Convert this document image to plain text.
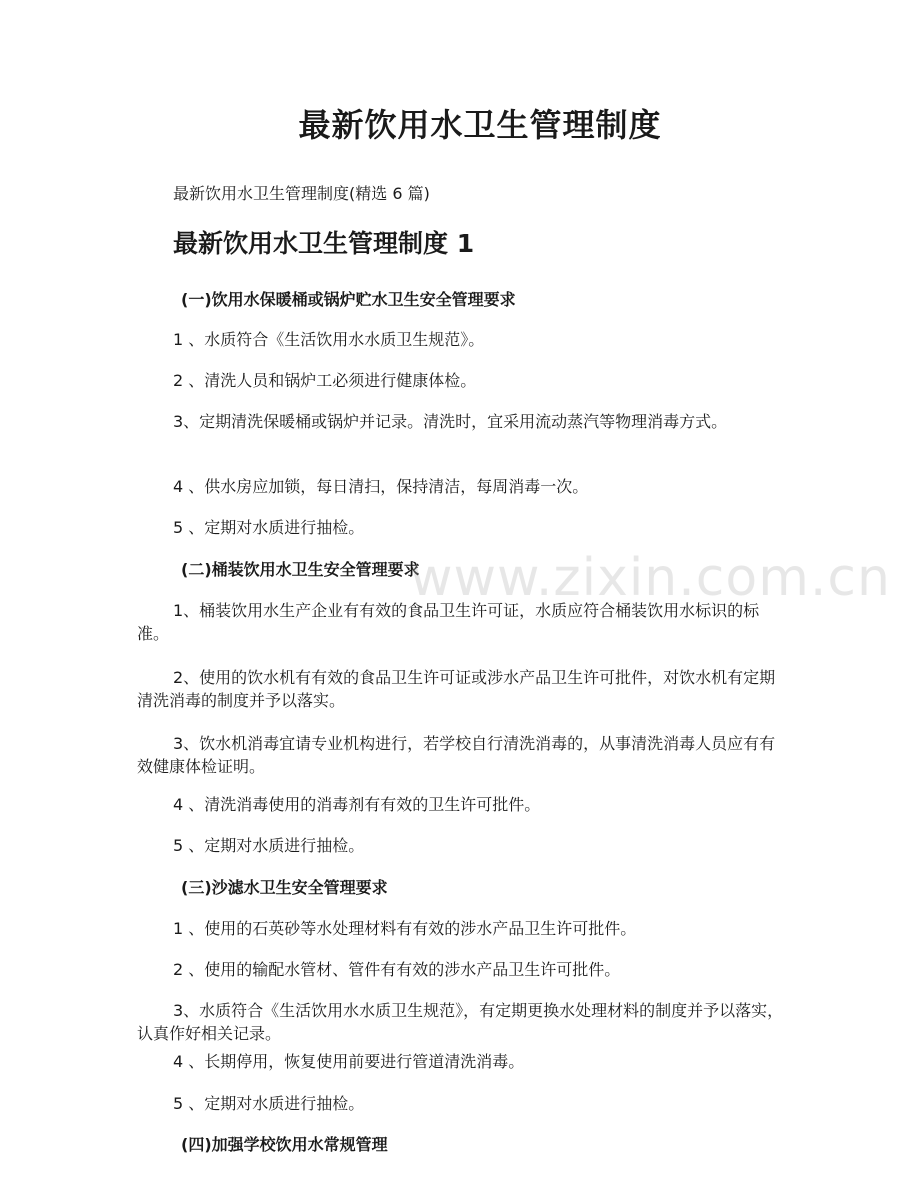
最新饮用水卫生管理制度
最新饮用水卫生管理制度(精选 6 篇)
最新饮用水卫生管理制度 1
(一)饮用水保暖桶或锅炉贮水卫生安全管理要求

1 、水质符合《生活饮用水水质卫生规范》。

2 、清洗人员和锅炉工必须进行健康体检。

3、定期清洗保暖桶或锅炉并记录。清洗时，宜采用流动蒸汽等物理消毒方式。

4 、供水房应加锁，每日清扫，保持清洁，每周消毒一次。

5 、定期对水质进行抽检。

(二)桶装饮用水卫生安全管理要求

1、桶装饮用水生产企业有有效的食品卫生许可证，水质应符合桶装饮用水标识的标准。

2、使用的饮水机有有效的食品卫生许可证或涉水产品卫生许可批件，对饮水机有定期清洗消毒的制度并予以落实。

3、饮水机消毒宜请专业机构进行，若学校自行清洗消毒的，从事清洗消毒人员应有有效健康体检证明。

4 、清洗消毒使用的消毒剂有有效的卫生许可批件。

5 、定期对水质进行抽检。

(三)沙滤水卫生安全管理要求

1 、使用的石英砂等水处理材料有有效的涉水产品卫生许可批件。

2 、使用的输配水管材、管件有有效的涉水产品卫生许可批件。

3、水质符合《生活饮用水水质卫生规范》，有定期更换水处理材料的制度并予以落实，认真作好相关记录。

4 、长期停用，恢复使用前要进行管道清洗消毒。

5 、定期对水质进行抽检。

(四)加强学校饮用水常规管理
www.zixin.com.cn
